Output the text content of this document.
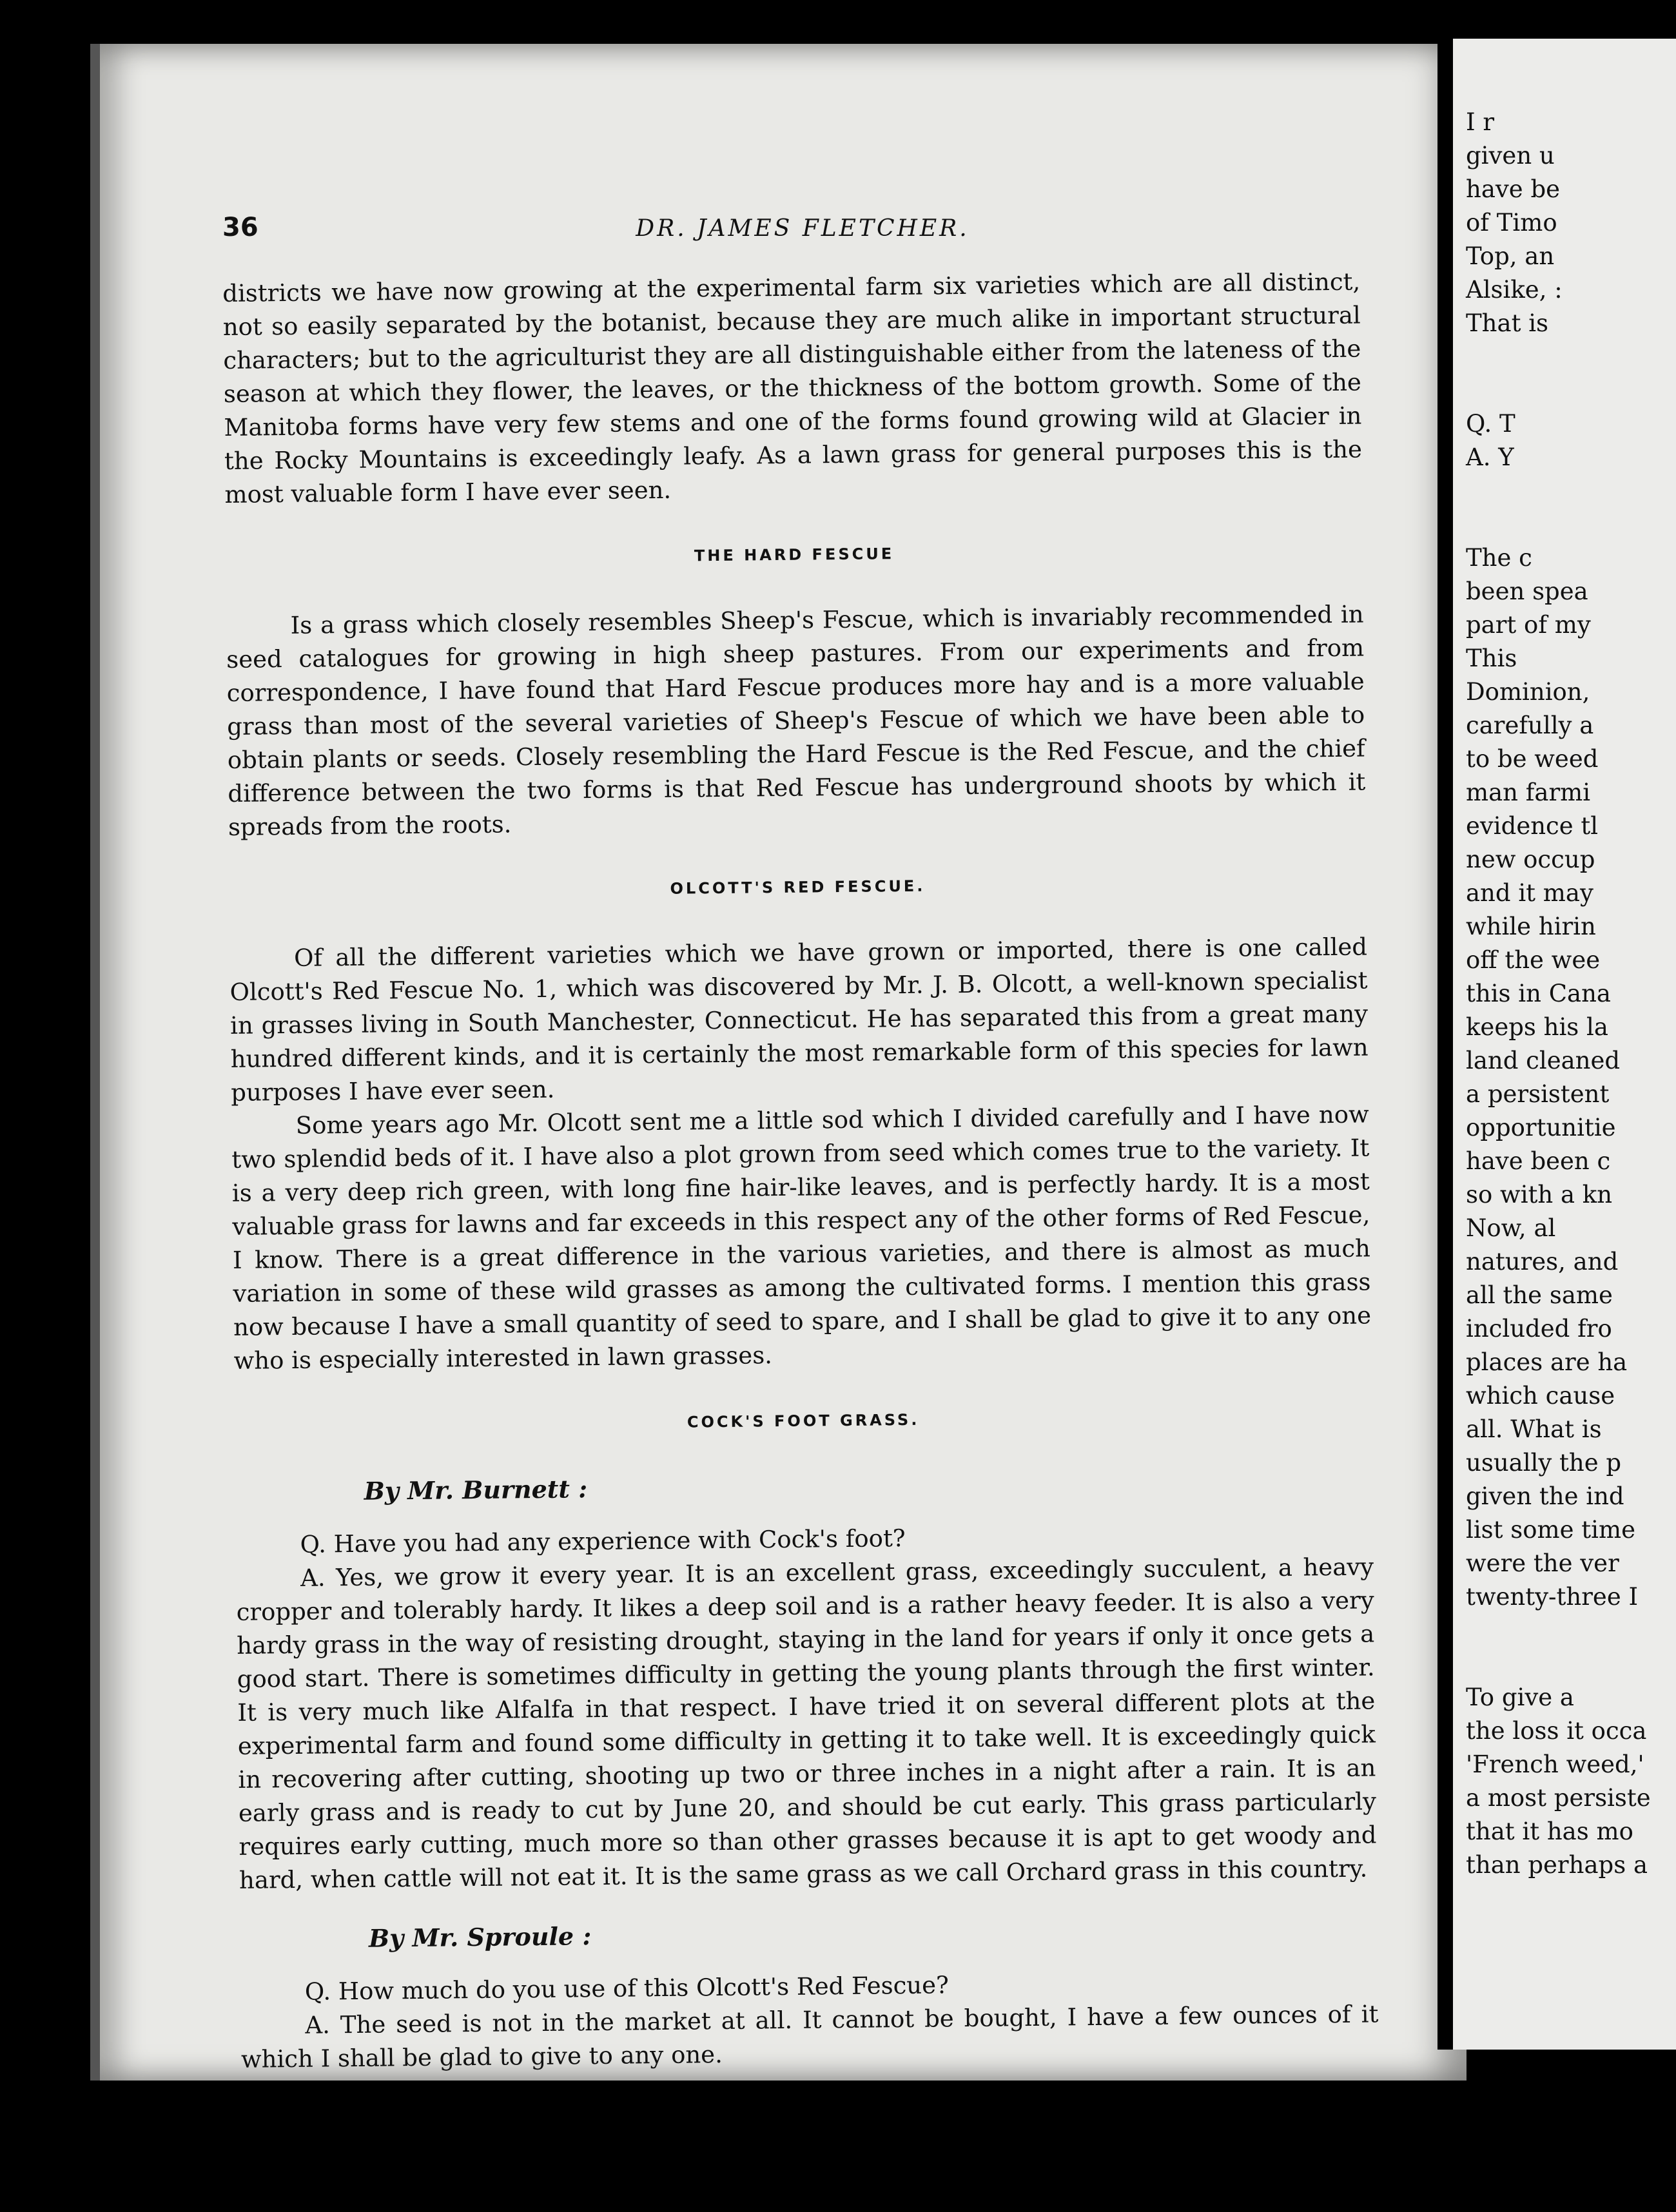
36	DR. JAMES FLETCHER.

districts we have now growing at the experimental farm six varieties which are all distinct, not so easily separated by the botanist, because they are much alike in important structural characters; but to the agriculturist they are all distinguishable either from the lateness of the season at which they flower, the leaves, or the thickness of the bottom growth. Some of the Manitoba forms have very few stems and one of the forms found growing wild at Glacier in the Rocky Mountains is exceedingly leafy. As a lawn grass for general purposes this is the most valuable form I have ever seen.

THE HARD FESCUE

Is a grass which closely resembles Sheep's Fescue, which is invariably recommended in seed catalogues for growing in high sheep pastures. From our experiments and from correspondence, I have found that Hard Fescue produces more hay and is a more valuable grass than most of the several varieties of Sheep's Fescue of which we have been able to obtain plants or seeds. Closely resembling the Hard Fescue is the Red Fescue, and the chief difference between the two forms is that Red Fescue has underground shoots by which it spreads from the roots.

OLCOTT'S RED FESCUE.

Of all the different varieties which we have grown or imported, there is one called Olcott's Red Fescue No. 1, which was discovered by Mr. J. B. Olcott, a well-known specialist in grasses living in South Manchester, Connecticut. He has separated this from a great many hundred different kinds, and it is certainly the most remarkable form of this species for lawn purposes I have ever seen.

Some years ago Mr. Olcott sent me a little sod which I divided carefully and I have now two splendid beds of it. I have also a plot grown from seed which comes true to the variety. It is a very deep rich green, with long fine hair-like leaves, and is perfectly hardy. It is a most valuable grass for lawns and far exceeds in this respect any of the other forms of Red Fescue, I know. There is a great difference in the various varieties, and there is almost as much variation in some of these wild grasses as among the cultivated forms. I mention this grass now because I have a small quantity of seed to spare, and I shall be glad to give it to any one who is especially interested in lawn grasses.

COCK'S FOOT GRASS.

By Mr. Burnett :

Q. Have you had any experience with Cock's foot?

A. Yes, we grow it every year. It is an excellent grass, exceedingly succulent, a heavy cropper and tolerably hardy. It likes a deep soil and is a rather heavy feeder. It is also a very hardy grass in the way of resisting drought, staying in the land for years if only it once gets a good start. There is sometimes difficulty in getting the young plants through the first winter. It is very much like Alfalfa in that respect. I have tried it on several different plots at the experimental farm and found some difficulty in getting it to take well. It is exceedingly quick in recovering after cutting, shooting up two or three inches in a night after a rain. It is an early grass and is ready to cut by June 20, and should be cut early. This grass particularly requires early cutting, much more so than other grasses because it is apt to get woody and hard, when cattle will not eat it. It is the same grass as we call Orchard grass in this country.

By Mr. Sproule :

Q. How much do you use of this Olcott's Red Fescue?

A. The seed is not in the market at all. It cannot be bought, I have a few ounces of it which I shall be glad to give to any one.

I r
given u
have be
of Timo
Top, an
Alsike, :
That is
Q. T
A. Y
The c
been spea
part of my
This
Dominion,
carefully a
to be weed
man farmi
evidence tl
new occup
and it may
while hirin
off the wee
this in Cana
keeps his la
land cleaned
a persistent
opportunitie
have been c
so with a kn
Now, al
natures, and
all the same
included fro
places are ha
which cause
all. What is
usually the p
given the ind
list some time
were the ver
twenty-three I
To give a
the loss it occa
'French weed,'
a most persiste
that it has mo
than perhaps a
